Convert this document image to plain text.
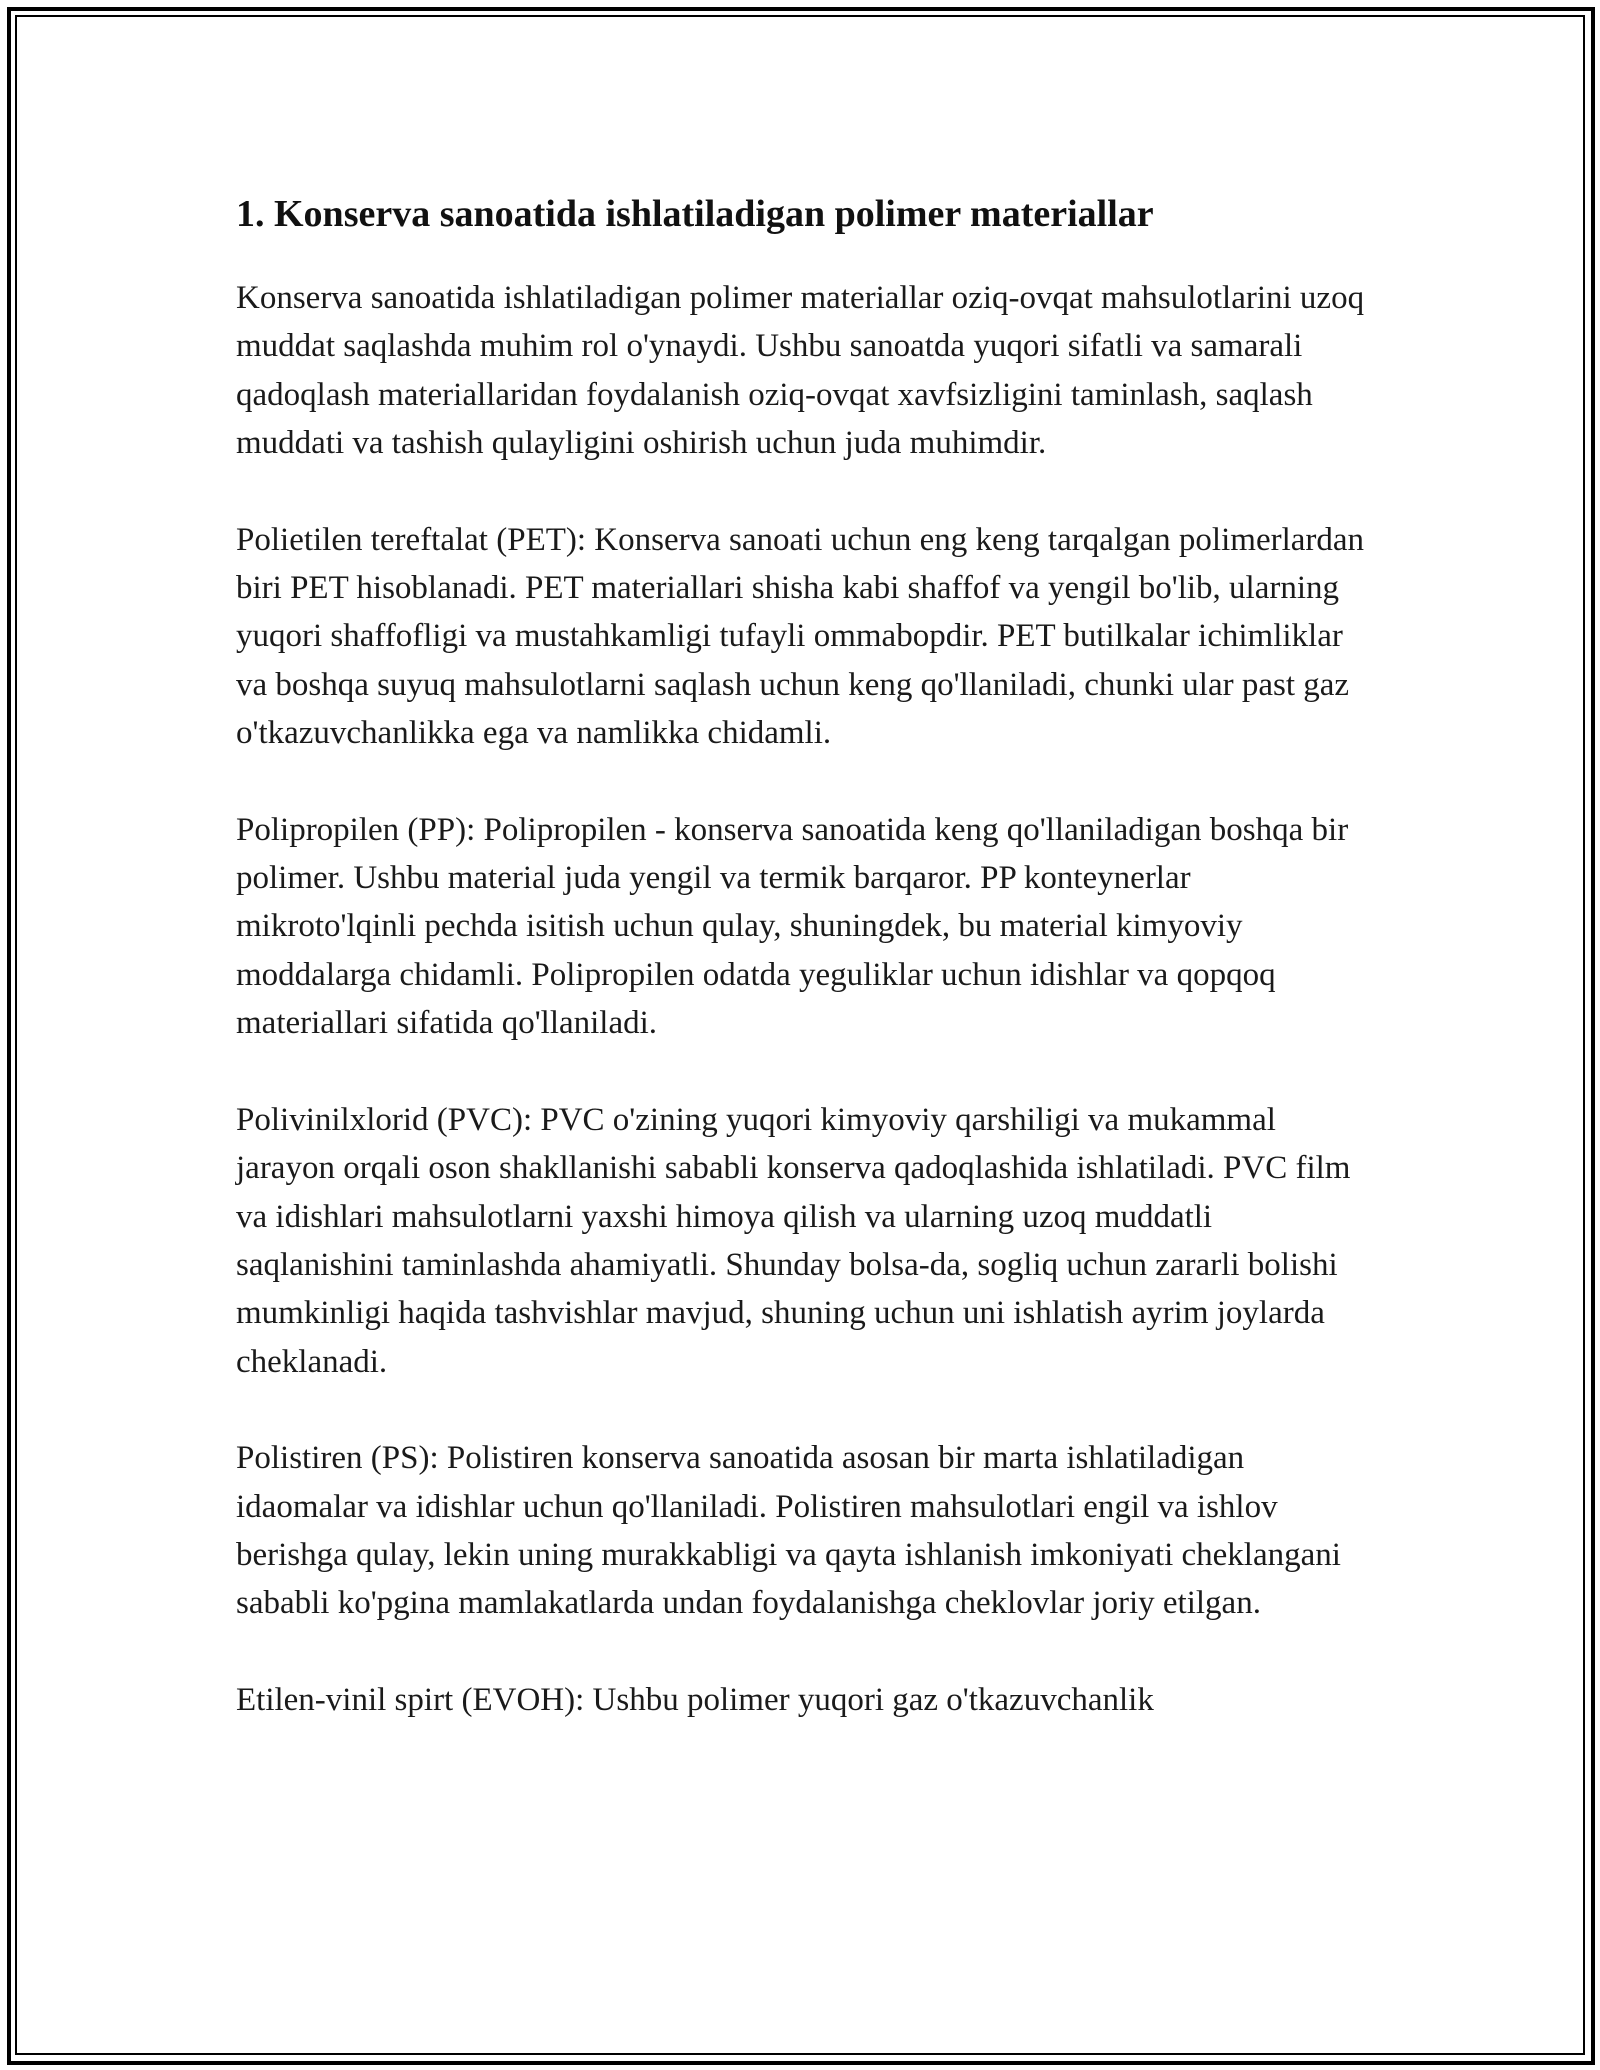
1. Konserva sanoatida ishlatiladigan polimer materiallar

Konserva sanoatida ishlatiladigan polimer materiallar oziq-ovqat mahsulotlarini uzoq muddat saqlashda muhim rol o'ynaydi. Ushbu sanoatda yuqori sifatli va samarali qadoqlash materiallaridan foydalanish oziq-ovqat xavfsizligini taminlash, saqlash muddati va tashish qulayligini oshirish uchun juda muhimdir.

Polietilen tereftalat (PET): Konserva sanoati uchun eng keng tarqalgan polimerlardan biri PET hisoblanadi. PET materiallari shisha kabi shaffof va yengil bo'lib, ularning yuqori shaffofligi va mustahkamligi tufayli ommabopdir. PET butilkalar ichimliklar va boshqa suyuq mahsulotlarni saqlash uchun keng qo'llaniladi, chunki ular past gaz o'tkazuvchanlikka ega va namlikka chidamli.

Polipropilen (PP): Polipropilen - konserva sanoatida keng qo'llaniladigan boshqa bir polimer. Ushbu material juda yengil va termik barqaror. PP konteynerlar mikroto'lqinli pechda isitish uchun qulay, shuningdek, bu material kimyoviy moddalarga chidamli. Polipropilen odatda yeguliklar uchun idishlar va qopqoq materiallari sifatida qo'llaniladi.

Polivinilxlorid (PVC): PVC o'zining yuqori kimyoviy qarshiligi va mukammal jarayon orqali oson shakllanishi sababli konserva qadoqlashida ishlatiladi. PVC film va idishlari mahsulotlarni yaxshi himoya qilish va ularning uzoq muddatli saqlanishini taminlashda ahamiyatli. Shunday bolsa-da, sogliq uchun zararli bolishi mumkinligi haqida tashvishlar mavjud, shuning uchun uni ishlatish ayrim joylarda cheklanadi.

Polistiren (PS): Polistiren konserva sanoatida asosan bir marta ishlatiladigan idaomalar va idishlar uchun qo'llaniladi. Polistiren mahsulotlari engil va ishlov berishga qulay, lekin uning murakkabligi va qayta ishlanish imkoniyati cheklangani sababli ko'pgina mamlakatlarda undan foydalanishga cheklovlar joriy etilgan.

Etilen-vinil spirt (EVOH): Ushbu polimer yuqori gaz o'tkazuvchanlik
